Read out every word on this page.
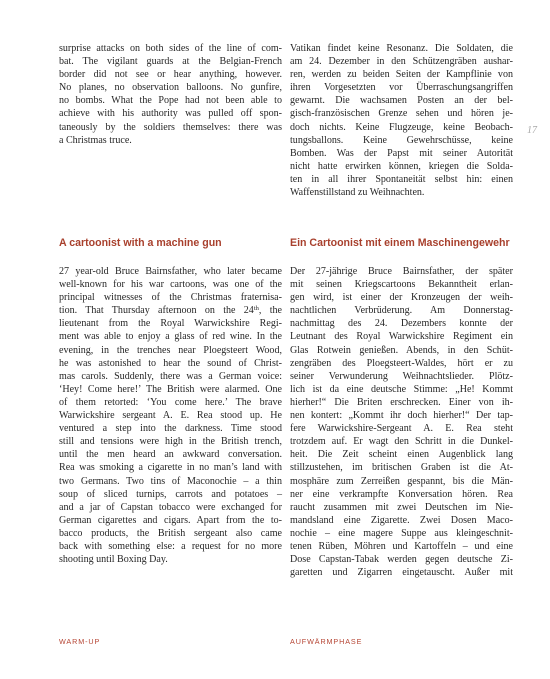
surprise attacks on both sides of the line of com-
bat. The vigilant guards at the Belgian-French
border did not see or hear anything, however.
No planes, no observation balloons. No gunfire,
no bombs. What the Pope had not been able to
achieve with his authority was pulled off spon-
taneously by the soldiers themselves: there was
a Christmas truce.
Vatikan findet keine Resonanz. Die Soldaten, die
am 24. Dezember in den Schützengräben aushar-
ren, werden zu beiden Seiten der Kampflinie von
ihren Vorgesetzten vor Überraschungsangriffen
gewarnt. Die wachsamen Posten an der bel-
gisch-französischen Grenze sehen und hören je-
doch nichts. Keine Flugzeuge, keine Beobach-
tungsballons. Keine Gewehrschüsse, keine
Bomben. Was der Papst mit seiner Autorität
nicht hatte erwirken können, kriegen die Solda-
ten in all ihrer Spontaneität selbst hin: einen
Waffenstillstand zu Weihnachten.
17
A cartoonist with a machine gun	Ein Cartoonist mit einem Maschinengewehr
27 year-old Bruce Bairnsfather, who later became
well-known for his war cartoons, was one of the
principal witnesses of the Christmas fraternisa-
tion. That Thursday afternoon on the 24th, the
lieutenant from the Royal Warwickshire Regi-
ment was able to enjoy a glass of red wine. In the
evening, in the trenches near Ploegsteert Wood,
he was astonished to hear the sound of Christ-
mas carols. Suddenly, there was a German voice:
‘Hey! Come here!’ The British were alarmed. One
of them retorted: ‘You come here.’ The brave
Warwickshire sergeant A. E. Rea stood up. He
ventured a step into the darkness. Time stood
still and tensions were high in the British trench,
until the men heard an awkward conversation.
Rea was smoking a cigarette in no man’s land with
two Germans. Two tins of Maconochie – a thin
soup of sliced turnips, carrots and potatoes –
and a jar of Capstan tobacco were exchanged for
German cigarettes and cigars. Apart from the to-
bacco products, the British sergeant also came
back with something else: a request for no more
shooting until Boxing Day.
Der 27-jährige Bruce Bairnsfather, der später
mit seinen Kriegscartoons Bekanntheit erlan-
gen wird, ist einer der Kronzeugen der weih-
nachtlichen Verbrüderung. Am Donnerstag-
nachmittag des 24. Dezembers konnte der
Leutnant des Royal Warwickshire Regiment ein
Glas Rotwein genießen. Abends, in den Schüt-
zengräben des Ploegsteert-Waldes, hört er zu
seiner Verwunderung Weihnachtslieder. Plötz-
lich ist da eine deutsche Stimme: „He! Kommt
hierher!“ Die Briten erschrecken. Einer von ih-
nen kontert: „Kommt ihr doch hierher!“ Der tap-
fere Warwickshire-Sergeant A. E. Rea steht
trotzdem auf. Er wagt den Schritt in die Dunkel-
heit. Die Zeit scheint einen Augenblick lang
stillzustehen, im britischen Graben ist die At-
mosphäre zum Zerreißen gespannt, bis die Män-
ner eine verkrampfte Konversation hören. Rea
raucht zusammen mit zwei Deutschen im Nie-
mandsland eine Zigarette. Zwei Dosen Maco-
nochie – eine magere Suppe aus kleingeschnit-
tenen Rüben, Möhren und Kartoffeln – und eine
Dose Capstan-Tabak werden gegen deutsche Zi-
garetten und Zigarren eingetauscht. Außer mit
WARM-UP	AUFWÄRMPHASE
